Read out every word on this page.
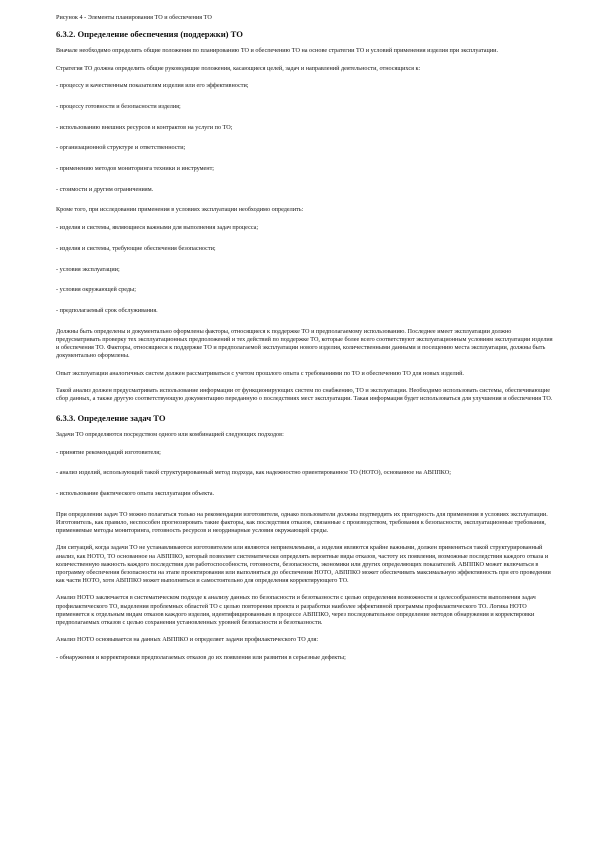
Рисунок 4 - Элементы планирования ТО и обеспечения ТО
6.3.2. Определение обеспечения (поддержки) ТО

Вначале необходимо определить общие положения по планированию ТО и обеспечению ТО на основе стратегии ТО и условий применения изделия при эксплуатации.

Стратегия ТО должна определить общие руководящие положения, касающиеся целей, задач и направлений деятельности, относящихся к:

- процессу и качественным показателям изделия или его эффективности;

- процессу готовности и безопасности изделия;

- использованию внешних ресурсов и контрактов на услуги по ТО;

- организационной структуре и ответственности;

- применению методов мониторинга техники и инструмент;

- стоимости и другим ограничениям.

Кроме того, при исследовании применения в условиях эксплуатации необходимо определить:

- изделия и системы, являющиеся важными для выполнения задач процесса;

- изделия и системы, требующие обеспечения безопасности;

- условия эксплуатации;

- условия окружающей среды;

- предполагаемый срок обслуживания.

Должны быть определены и документально оформлены факторы, относящиеся к поддержке ТО и предполагаемому использованию. Последнее имеет эксплуатации должно предусматривать проверку тех эксплуатационных предположений и тех действий по поддержке ТО, которые более всего соответствуют эксплуатационным условиям эксплуатации изделия и обеспечения ТО. Факторы, относящиеся к поддержке ТО и предполагаемой эксплуатации нового изделия, количественными данными и посещению места эксплуатации, должны быть документально оформлены.

Опыт эксплуатации аналогичных систем должен рассматриваться с учетом прошлого опыта с требованиями по ТО и обеспечению ТО для новых изделий.

Такой анализ должен предусматривать использование информации от функционирующих систем по снабжению, ТО и эксплуатации. Необходимо использовать системы, обеспечивающие сбор данных, а также другую соответствующую документацию переданную о последствиях мест эксплуатации. Такая информация будет использоваться для улучшения и обеспечения ТО.

6.3.3. Определение задач ТО

Задачи ТО определяются посредством одного или комбинацией следующих подходов:

- принятие рекомендаций изготовителя;

- анализ изделий, использующий такой структурированный метод подхода, как надежностно ориентированное ТО (НОТО), основанное на АВППКО;

- использование фактического опыта эксплуатации объекта.

При определении задач ТО можно полагаться только на рекомендации изготовителя, однако пользователи должны подтвердить их пригодность для применения в условиях эксплуатации. Изготовитель, как правило, неспособен прогнозировать такие факторы, как последствия отказов, связанные с производством, требования к безопасности, эксплуатационные требования, применяемые методы мониторинга, готовность ресурсов и неординарные условия окружающей среды.

Для ситуаций, когда задачи ТО не устанавливаются изготовителем или являются неприемлемыми, а изделия являются крайне важными, должен применяться такой структурированный анализ, как НОТО, ТО основанное на АВППКО, который позволяет систематически определять вероятные виды отказов, частоту их появления, возможные последствия каждого отказа и количественную важность каждого последствия для работоспособности, готовности, безопасности, экономики или других определяющих показателей. АВППКО может включаться в программу обеспечения безопасности на этапе проектирования или выполняться до обеспечения НОТО, АВППКО может обеспечивать максимальную эффективность при его проведении как части НОТО, хотя АВППКО может выполняться и самостоятельно для определения корректирующего ТО.

Анализ НОТО заключается в систематическом подходе к анализу данных по безопасности и безотказности с целью определения возможности и целесообразности выполнения задач профилактического ТО, выделения проблемных областей ТО с целью повторения проекта и разработки наиболее эффективной программы профилактического ТО. Логика НОТО применяется к отдельным видам отказов каждого изделия, идентифицированным в процессе АВППКО, через последовательное определение методов обнаружения и корректировки предполагаемых отказов с целью сохранения установленных уровней безопасности и безотказности.

Анализ НОТО основывается на данных АВППКО и определяет задачи профилактического ТО для:

- обнаружения и корректировки предполагаемых отказов до их появления или развития в серьезные дефекты;
